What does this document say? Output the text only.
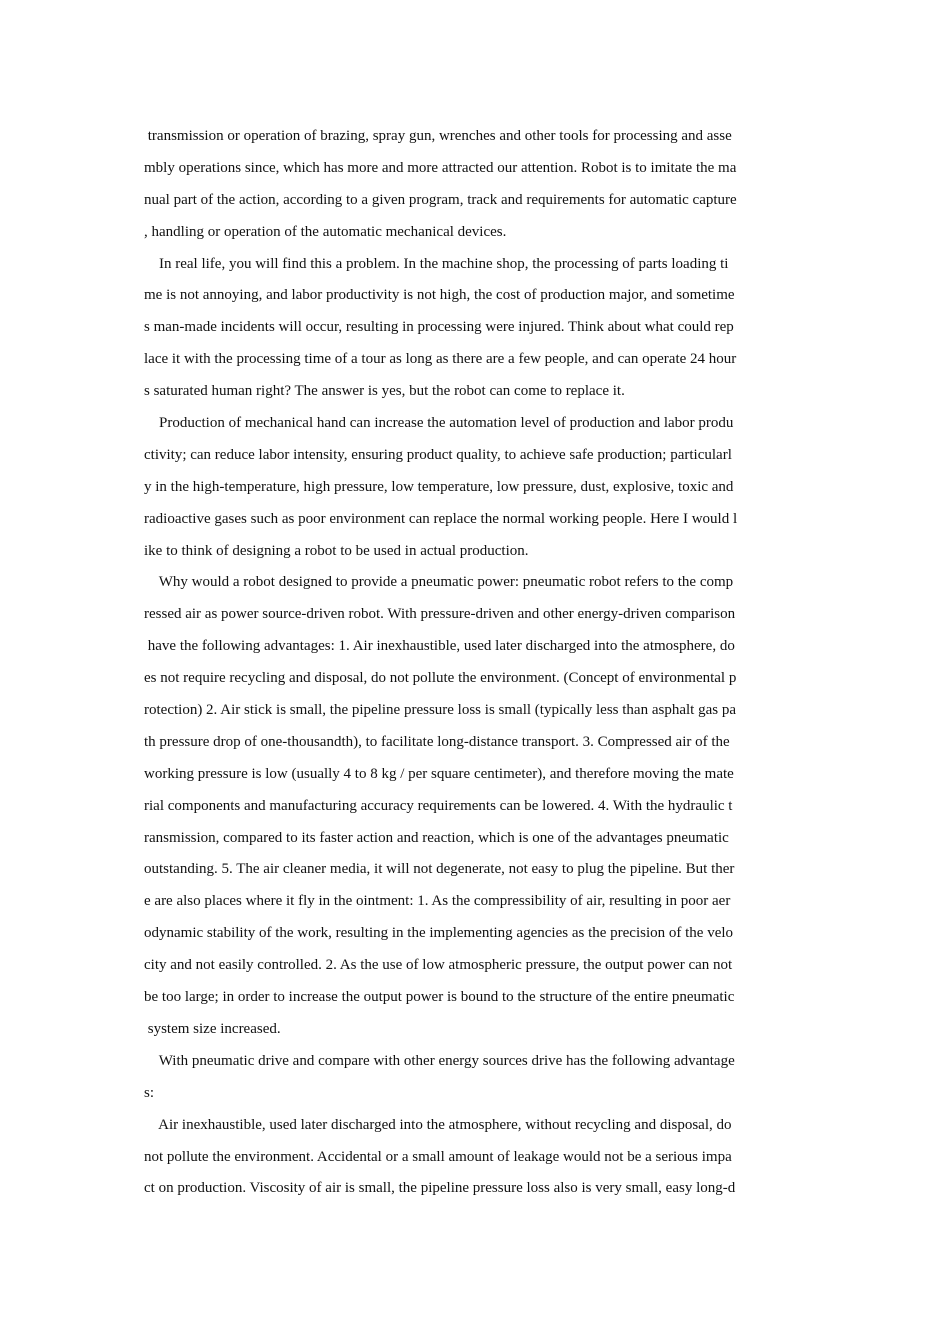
transmission or operation of brazing, spray gun, wrenches and other tools for processing and asse
mbly operations since, which has more and more attracted our attention. Robot is to imitate the ma
nual part of the action, according to a given program, track and requirements for automatic capture
, handling or operation of the automatic mechanical devices.
In real life, you will find this a problem. In the machine shop, the processing of parts loading ti
me is not annoying, and labor productivity is not high, the cost of production major, and sometime
s man-made incidents will occur, resulting in processing were injured. Think about what could rep
lace it with the processing time of a tour as long as there are a few people, and can operate 24 hour
s saturated human right? The answer is yes, but the robot can come to replace it.
Production of mechanical hand can increase the automation level of production and labor produ
ctivity; can reduce labor intensity, ensuring product quality, to achieve safe production; particularl
y in the high-temperature, high pressure, low temperature, low pressure, dust, explosive, toxic and
radioactive gases such as poor environment can replace the normal working people. Here I would l
ike to think of designing a robot to be used in actual production.
Why would a robot designed to provide a pneumatic power: pneumatic robot refers to the comp
ressed air as power source-driven robot. With pressure-driven and other energy-driven comparison
have the following advantages: 1. Air inexhaustible, used later discharged into the atmosphere, do
es not require recycling and disposal, do not pollute the environment. (Concept of environmental p
rotection) 2. Air stick is small, the pipeline pressure loss is small (typically less than asphalt gas pa
th pressure drop of one-thousandth), to facilitate long-distance transport. 3. Compressed air of the
working pressure is low (usually 4 to 8 kg / per square centimeter), and therefore moving the mate
rial components and manufacturing accuracy requirements can be lowered. 4. With the hydraulic t
ransmission, compared to its faster action and reaction, which is one of the advantages pneumatic
outstanding. 5. The air cleaner media, it will not degenerate, not easy to plug the pipeline. But ther
e are also places where it fly in the ointment: 1. As the compressibility of air, resulting in poor aer
odynamic stability of the work, resulting in the implementing agencies as the precision of the velo
city and not easily controlled. 2. As the use of low atmospheric pressure, the output power can not
be too large; in order to increase the output power is bound to the structure of the entire pneumatic
system size increased.
With pneumatic drive and compare with other energy sources drive has the following advantage
s:
Air inexhaustible, used later discharged into the atmosphere, without recycling and disposal, do
not pollute the environment. Accidental or a small amount of leakage would not be a serious impa
ct on production. Viscosity of air is small, the pipeline pressure loss also is very small, easy long-d
